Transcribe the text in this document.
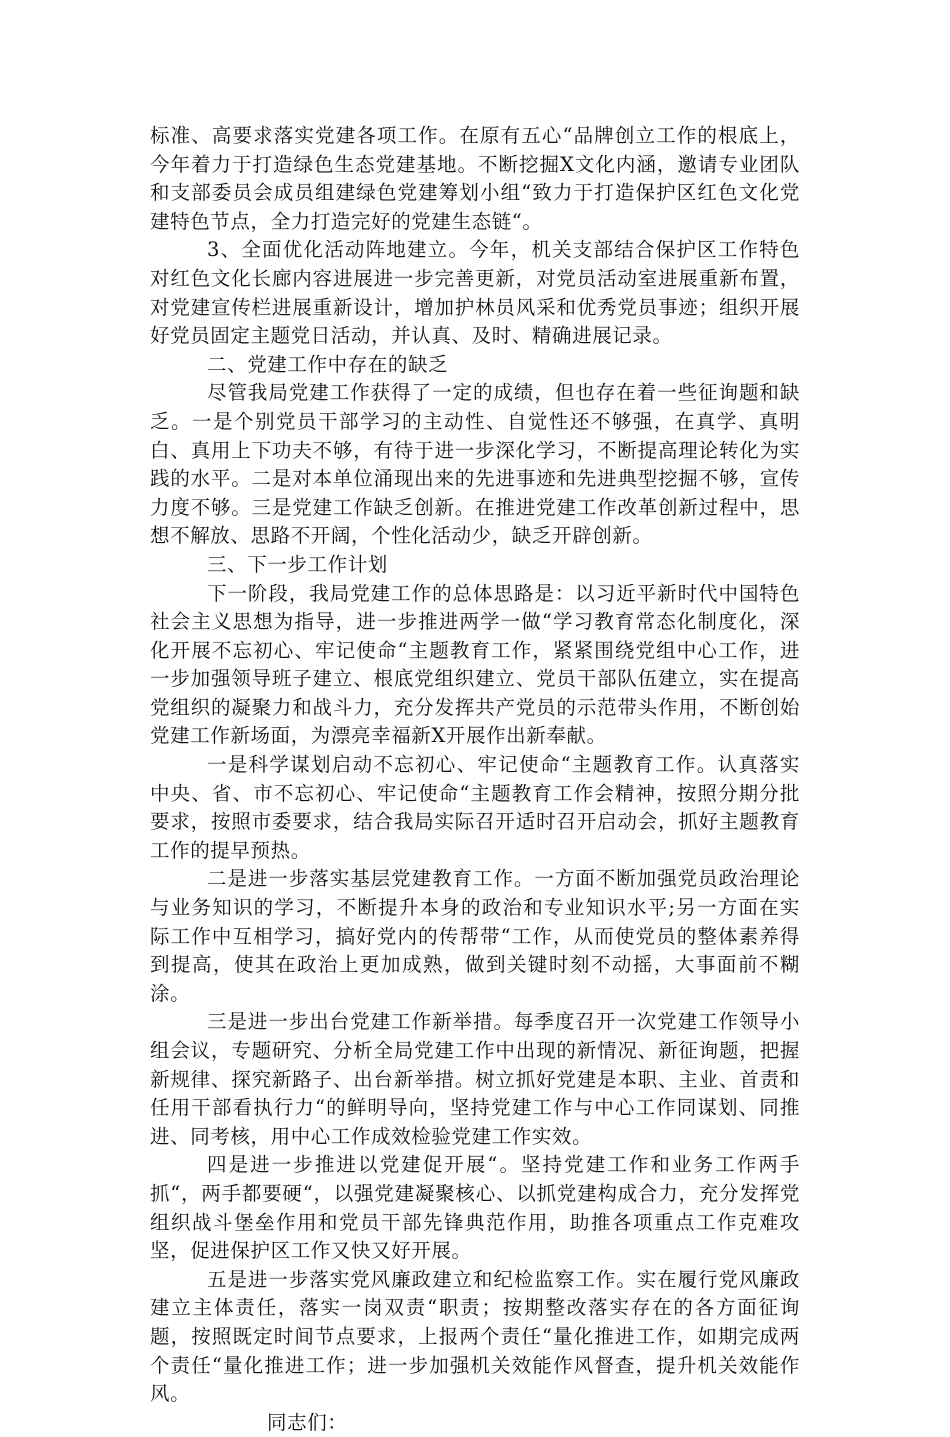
标准、高要求落实党建各项工作。在原有五心“品牌创立工作的根底上，今年着力于打造绿色生态党建基地。不断挖掘X文化内涵，邀请专业团队和支部委员会成员组建绿色党建筹划小组“致力于打造保护区红色文化党建特色节点，全力打造完好的党建生态链“。

3、全面优化活动阵地建立。今年，机关支部结合保护区工作特色对红色文化长廊内容进展进一步完善更新，对党员活动室进展重新布置，对党建宣传栏进展重新设计，增加护林员风采和优秀党员事迹；组织开展好党员固定主题党日活动，并认真、及时、精确进展记录。

二、党建工作中存在的缺乏

尽管我局党建工作获得了一定的成绩，但也存在着一些征询题和缺乏。一是个别党员干部学习的主动性、自觉性还不够强，在真学、真明白、真用上下功夫不够，有待于进一步深化学习，不断提高理论转化为实践的水平。二是对本单位涌现出来的先进事迹和先进典型挖掘不够，宣传力度不够。三是党建工作缺乏创新。在推进党建工作改革创新过程中，思想不解放、思路不开阔，个性化活动少，缺乏开辟创新。

三、下一步工作计划

下一阶段，我局党建工作的总体思路是：以习近平新时代中国特色社会主义思想为指导，进一步推进两学一做“学习教育常态化制度化，深化开展不忘初心、牢记使命“主题教育工作，紧紧围绕党组中心工作，进一步加强领导班子建立、根底党组织建立、党员干部队伍建立，实在提高党组织的凝聚力和战斗力，充分发挥共产党员的示范带头作用，不断创始党建工作新场面，为漂亮幸福新X开展作出新奉献。

一是科学谋划启动不忘初心、牢记使命“主题教育工作。认真落实中央、省、市不忘初心、牢记使命“主题教育工作会精神，按照分期分批要求，按照市委要求，结合我局实际召开适时召开启动会，抓好主题教育工作的提早预热。

二是进一步落实基层党建教育工作。一方面不断加强党员政治理论与业务知识的学习，不断提升本身的政治和专业知识水平;另一方面在实际工作中互相学习，搞好党内的传帮带“工作，从而使党员的整体素养得到提高，使其在政治上更加成熟，做到关键时刻不动摇，大事面前不糊涂。

三是进一步出台党建工作新举措。每季度召开一次党建工作领导小组会议，专题研究、分析全局党建工作中出现的新情况、新征询题，把握新规律、探究新路子、出台新举措。树立抓好党建是本职、主业、首责和任用干部看执行力“的鲜明导向，坚持党建工作与中心工作同谋划、同推进、同考核，用中心工作成效检验党建工作实效。

四是进一步推进以党建促开展“。坚持党建工作和业务工作两手抓“，两手都要硬“，以强党建凝聚核心、以抓党建构成合力，充分发挥党组织战斗堡垒作用和党员干部先锋典范作用，助推各项重点工作克难攻坚，促进保护区工作又快又好开展。

五是进一步落实党风廉政建立和纪检监察工作。实在履行党风廉政建立主体责任，落实一岗双责“职责；按期整改落实存在的各方面征询题，按照既定时间节点要求，上报两个责任“量化推进工作，如期完成两个责任“量化推进工作；进一步加强机关效能作风督查，提升机关效能作风。

同志们：
